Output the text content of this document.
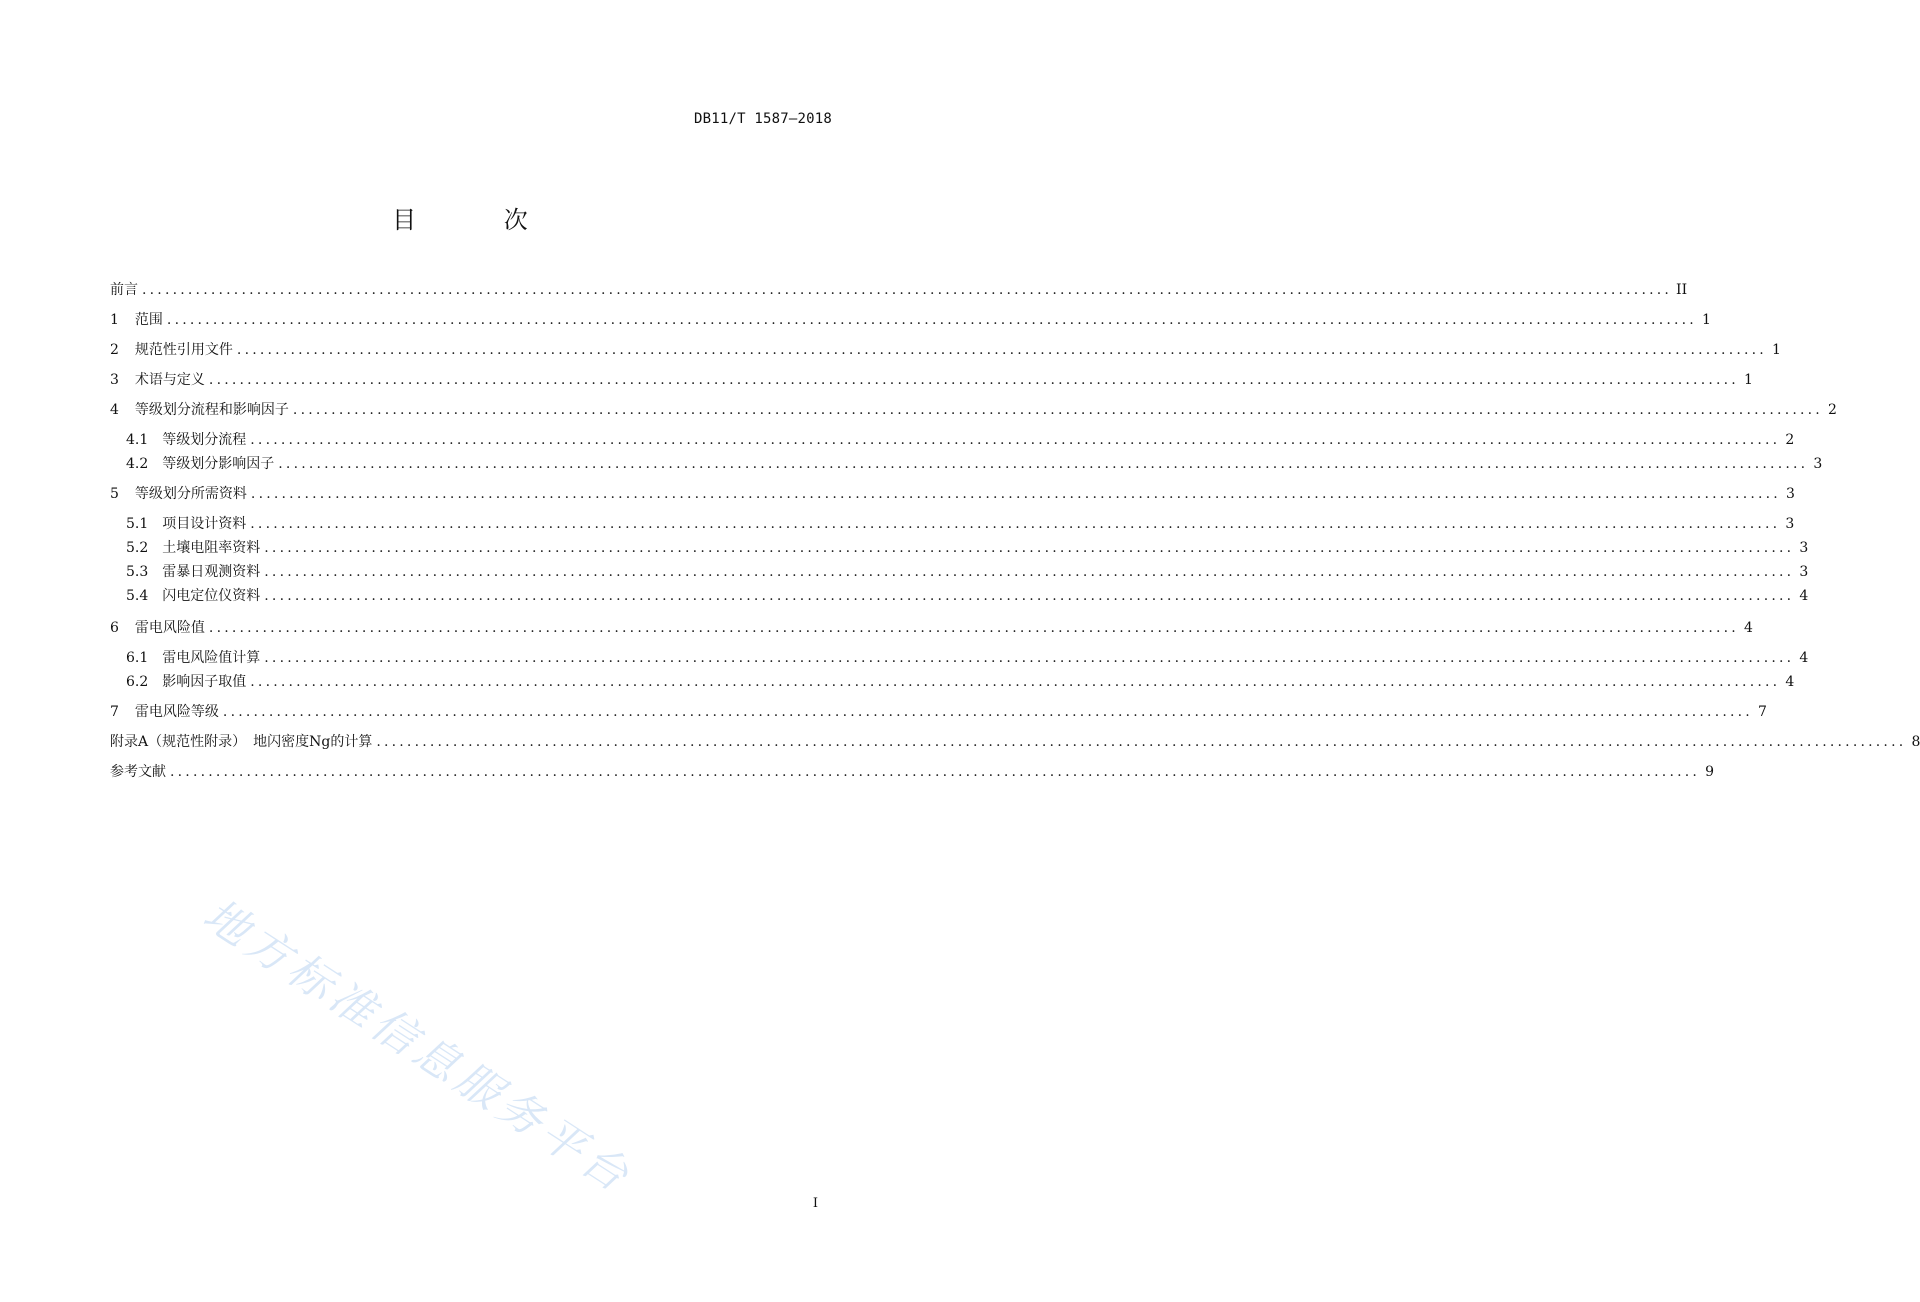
DB11/T 1587—2018
目 次
前言 ........................................................................................................................................................................................................ II
1 范围 ........................................................................................................................................................................................................ 1
2 规范性引用文件 ........................................................................................................................................................................................................ 1
3 术语与定义 ........................................................................................................................................................................................................ 1
4 等级划分流程和影响因子 ........................................................................................................................................................................................................ 2
4.1 等级划分流程 ........................................................................................................................................................................................................ 2
4.2 等级划分影响因子 ........................................................................................................................................................................................................ 3
5 等级划分所需资料 ........................................................................................................................................................................................................ 3
5.1 项目设计资料 ........................................................................................................................................................................................................ 3
5.2 土壤电阻率资料 ........................................................................................................................................................................................................ 3
5.3 雷暴日观测资料 ........................................................................................................................................................................................................ 3
5.4 闪电定位仪资料 ........................................................................................................................................................................................................ 4
6 雷电风险值 ........................................................................................................................................................................................................ 4
6.1 雷电风险值计算 ........................................................................................................................................................................................................ 4
6.2 影响因子取值 ........................................................................................................................................................................................................ 4
7 雷电风险等级 ........................................................................................................................................................................................................ 7
附录A（规范性附录）　地闪密度Ng的计算 ........................................................................................................................................................................................................ 8
参考文献 ........................................................................................................................................................................................................ 9
地方标准信息服务平台	I
